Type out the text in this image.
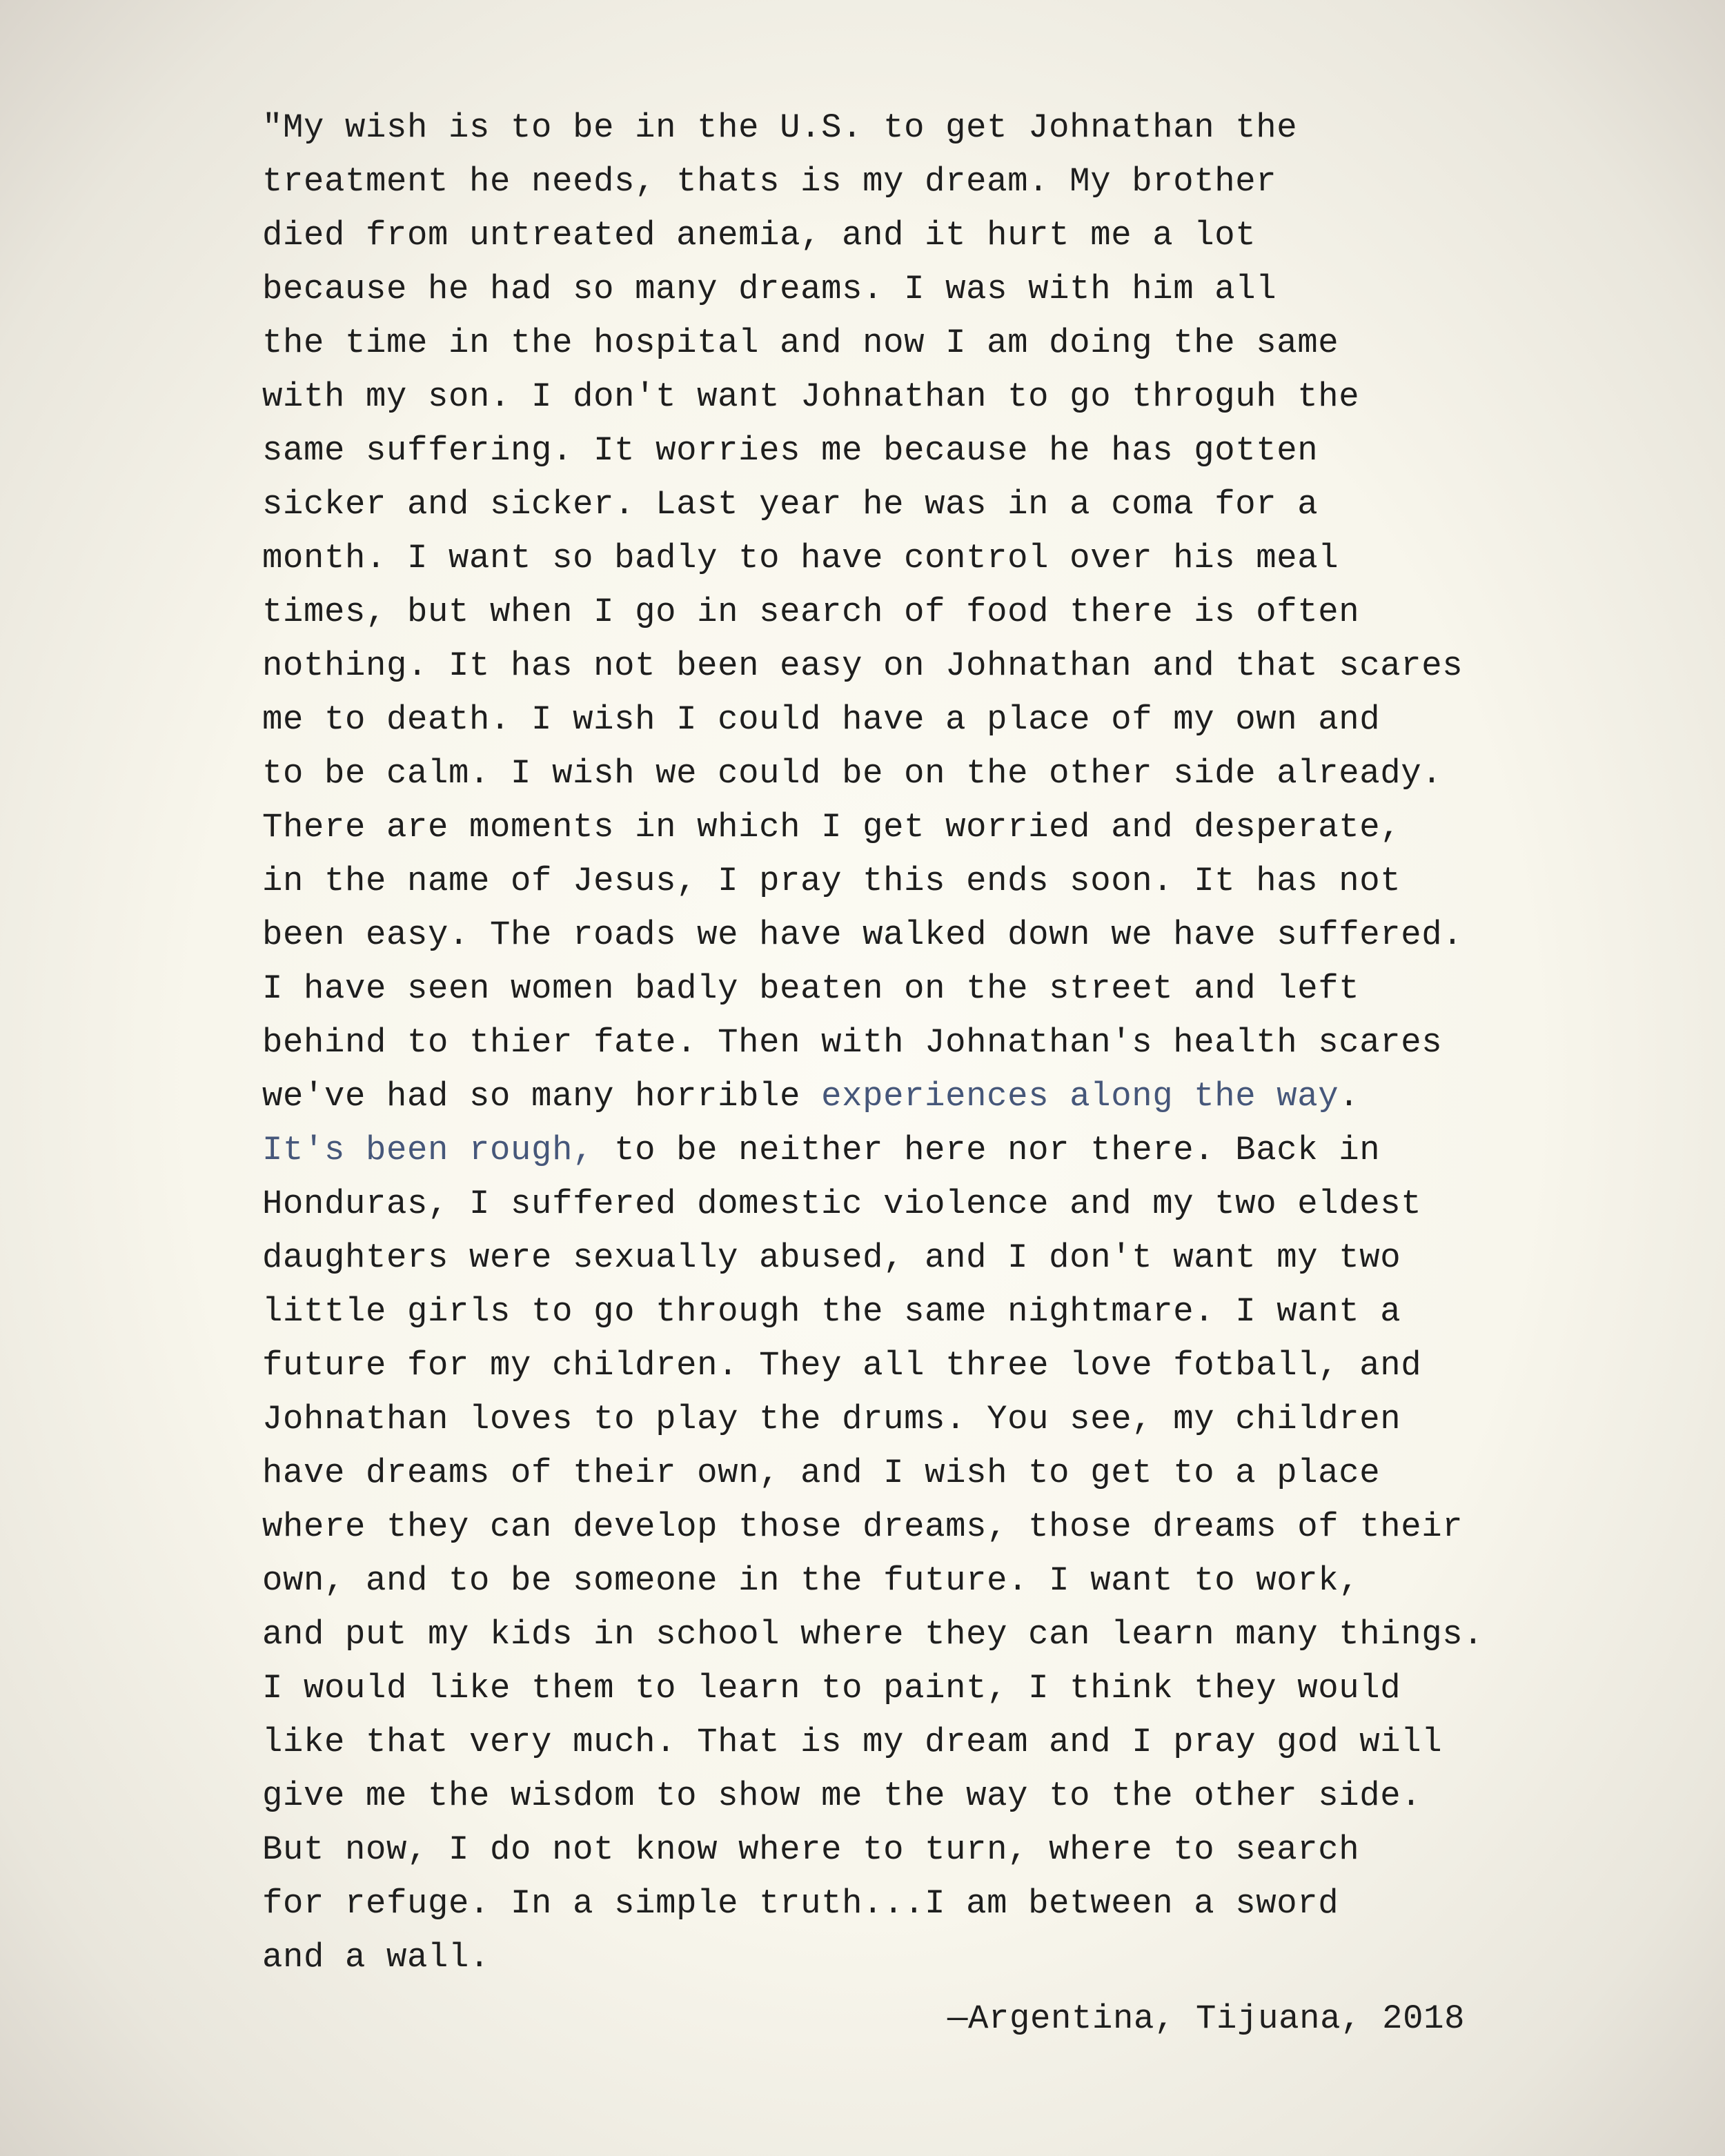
"My wish is to be in the U.S. to get Johnathan the
treatment he needs, thats is my dream. My brother
died from untreated anemia, and it hurt me a lot
because he had so many dreams. I was with him all
the time in the hospital and now I am doing the same
with my son. I don't want Johnathan to go throguh the
same suffering. It worries me because he has gotten
sicker and sicker. Last year he was in a coma for a
month. I want so badly to have control over his meal
times, but when I go in search of food there is often
nothing. It has not been easy on Johnathan and that scares
me to death. I wish I could have a place of my own and
to be calm. I wish we could be on the other side already.
There are moments in which I get worried and desperate,
in the name of Jesus, I pray this ends soon. It has not
been easy. The roads we have walked down we have suffered.
I have seen women badly beaten on the street and left
behind to thier fate. Then with Johnathan's health scares
we've had so many horrible experiences along the way.
It's been rough, to be neither here nor there. Back in
Honduras, I suffered domestic violence and my two eldest
daughters were sexually abused, and I don't want my two
little girls to go through the same nightmare. I want a
future for my children. They all three love fotball, and
Johnathan loves to play the drums. You see, my children
have dreams of their own, and I wish to get to a place
where they can develop those dreams, those dreams of their
own, and to be someone in the future. I want to work,
and put my kids in school where they can learn many things.
I would like them to learn to paint, I think they would
like that very much. That is my dream and I pray god will
give me the wisdom to show me the way to the other side.
But now, I do not know where to turn, where to search
for refuge. In a simple truth...I am between a sword
and a wall.
—Argentina, Tijuana, 2018
